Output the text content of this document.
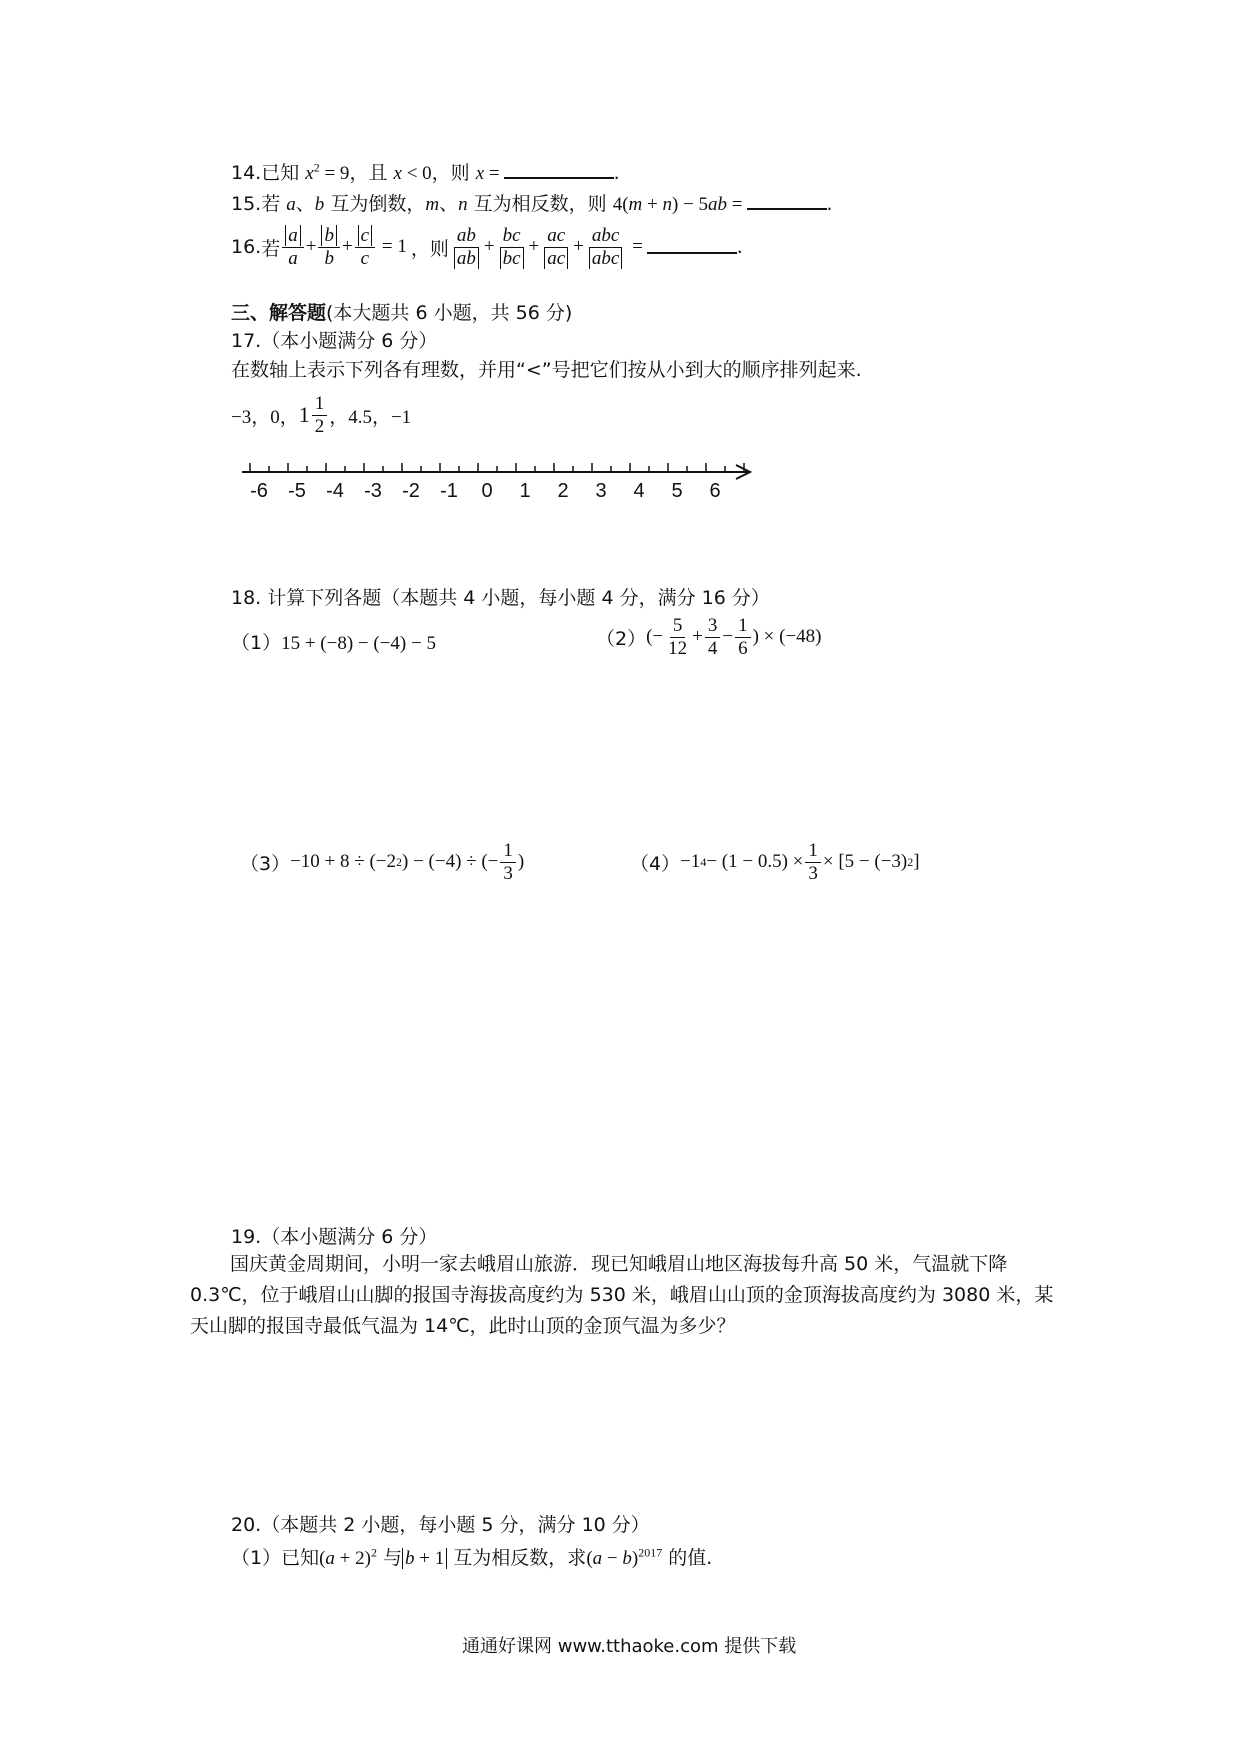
14.已知 $x^2 = 9$，且 x < 0，则 x =	.
15.若 a、b 互为倒数，m、n 互为相反数，则 4(m + n) − 5ab =	.
16. 若 $\frac{a}{a} + \frac{b}{b} + \frac{c}{c} = 1$ ，则 $\frac{ab}{ab} + \frac{bc}{bc} + \frac{ac}{ac} + \frac{\text{abc}}{\text{abc}}$ =	.
三、解答题(本大题共 6 小题，共 56 分)
17.（本小题满分 6 分）
在数轴上表示下列各有理数，并用“<”号把它们按从小到大的顺序排列起来.
−3，0， $1 \frac{1}{2}$ ，4.5，−1
-6 -5 -4 -3 -2 -1 0 1 2 3 4 5 6
18. 计算下列各题（本题共 4 小题，每小题 4 分，满分 16 分）
（1）15 + (−8) − (−4) − 5	（2） (− $\frac{5}{12} + \frac{3}{4} - \frac{1}{6}$ ) × (−48)
（3） −10 + 8 ÷ (−2 2 ) − (−4) ÷ (− $\frac{1}{3}$ )	（4） −1 $4 - (1 - 0.5) \times \frac{1}{3} \times [5 - (-3)$ 2 ]
19.（本小题满分 6 分）
国庆黄金周期间，小明一家去峨眉山旅游．现已知峨眉山地区海拔每升高 50 米，气温就下降 0.3℃，位于峨眉山山脚的报国寺海拔高度约为 530 米，峨眉山山顶的金顶海拔高度约为 3080 米，某天山脚的报国寺最低气温为 14℃，此时山顶的金顶气温为多少？
20.（本题共 2 小题，每小题 5 分，满分 10 分）
（1）已知$(a + 2)^2$ 与 b + 1 互为相反数，求$(a - b)^{2017}$ 的值.
通通好课网 www.tthaoke.com 提供下载
